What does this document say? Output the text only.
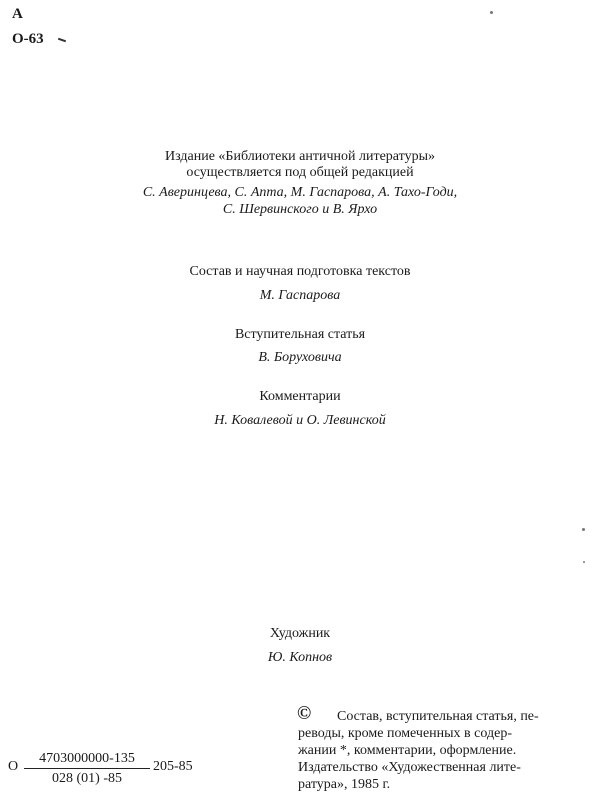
А
О-63
Издание «Библиотеки античной литературы»
осуществляется под общей редакцией
С. Аверинцева, С. Апта, М. Гаспарова, А. Тахо-Годи,
С. Шервинского и В. Ярхо
Состав и научная подготовка текстов
М. Гаспарова
Вступительная статья
В. Боруховича
Комментарии
Н. Ковалевой и О. Левинской
Художник
Ю. Копнов
О
4703000000-135
028 (01) -85
205-85
© Состав, вступительная статья, пе-
реводы, кроме помеченных в содер-
жании *, комментарии, оформление.
Издательство «Художественная лите-
ратура», 1985 г.
